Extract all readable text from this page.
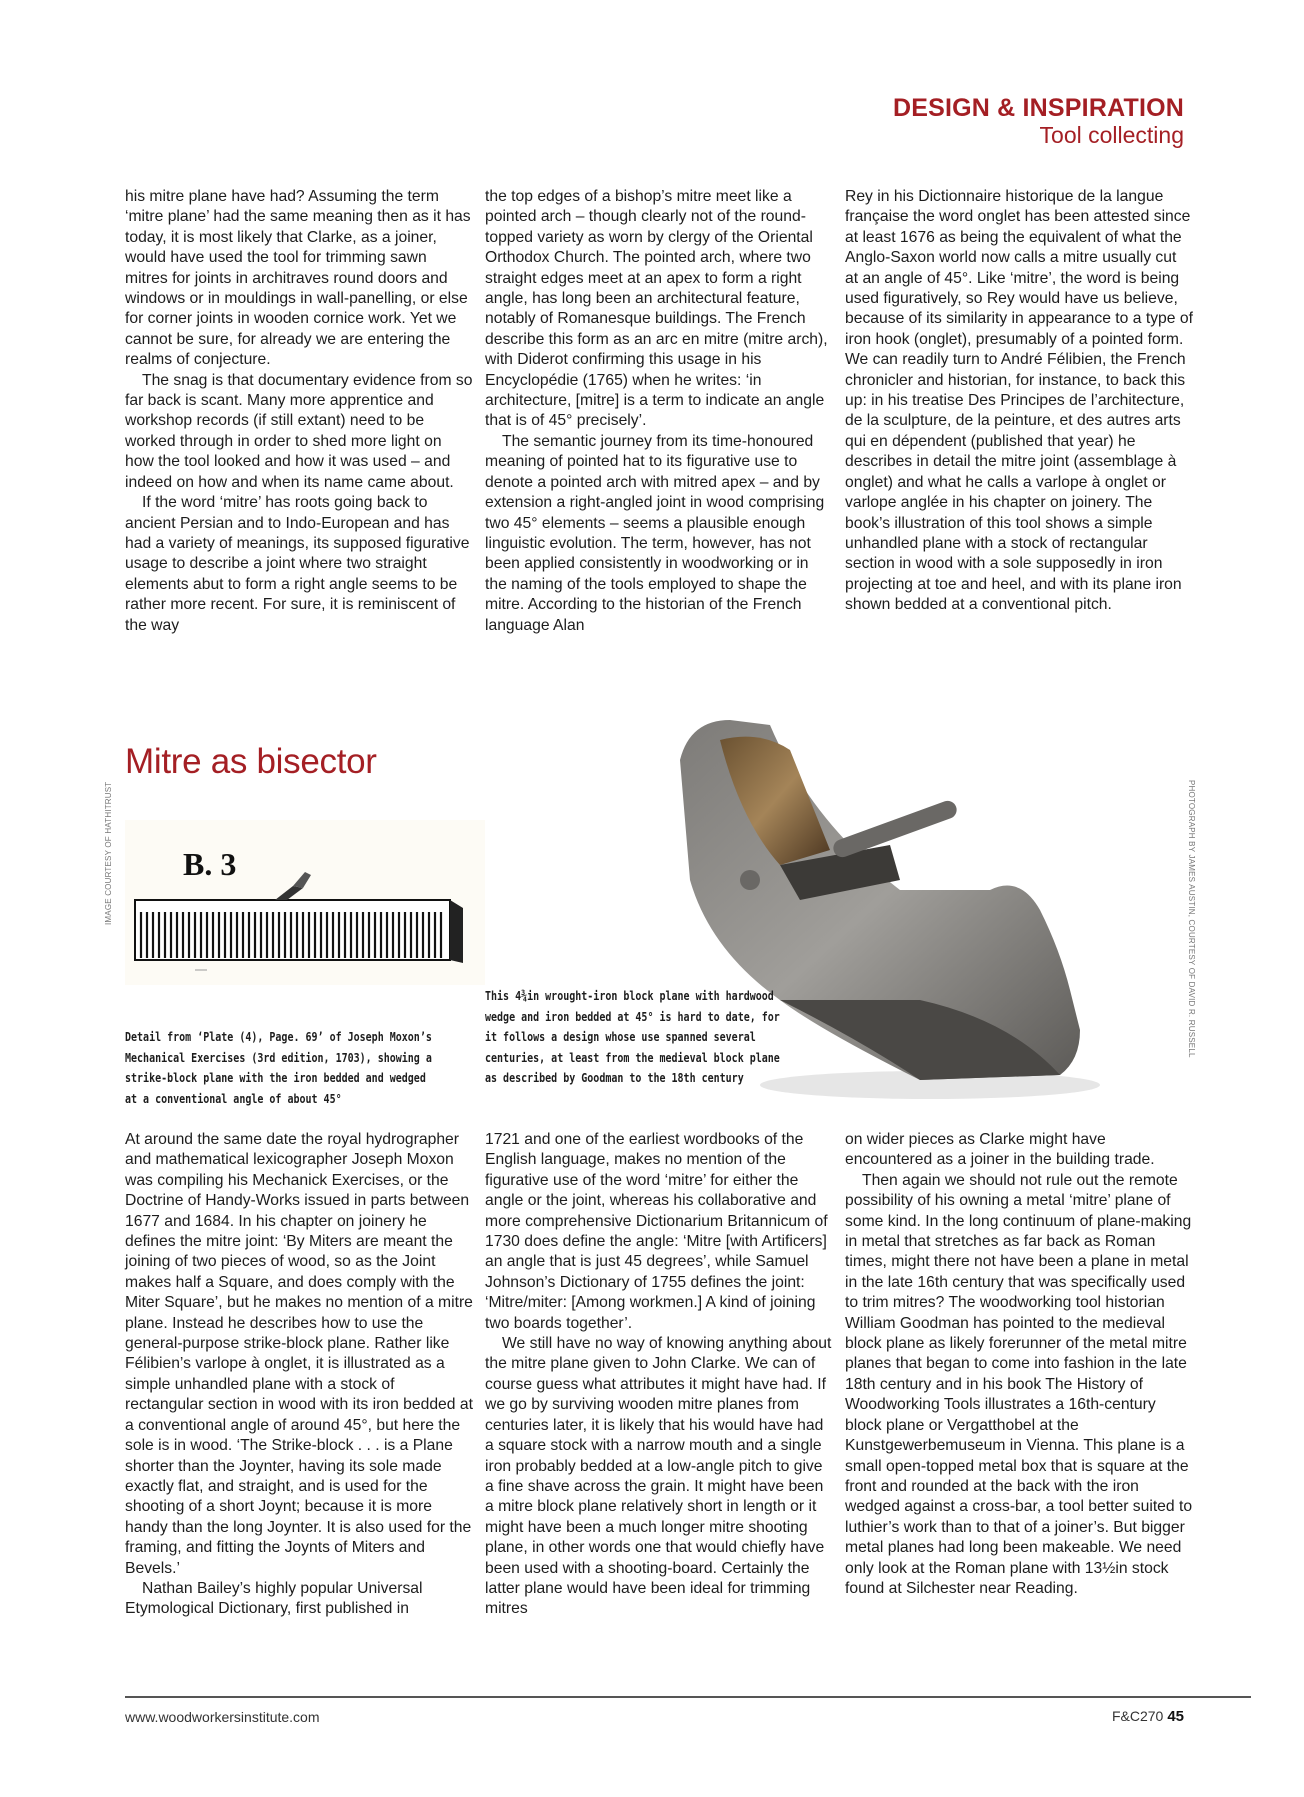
DESIGN & INSPIRATION
Tool collecting

his mitre plane have had? Assuming the term ‘mitre plane’ had the same meaning then as it has today, it is most likely that Clarke, as a joiner, would have used the tool for trimming sawn mitres for joints in architraves round doors and windows or in mouldings in wall-panelling, or else for corner joints in wooden cornice work. Yet we cannot be sure, for already we are entering the realms of conjecture.

The snag is that documentary evidence from so far back is scant. Many more apprentice and workshop records (if still extant) need to be worked through in order to shed more light on how the tool looked and how it was used – and indeed on how and when its name came about.

If the word ‘mitre’ has roots going back to ancient Persian and to Indo-European and has had a variety of meanings, its supposed figurative usage to describe a joint where two straight elements abut to form a right angle seems to be rather more recent. For sure, it is reminiscent of the way

the top edges of a bishop’s mitre meet like a pointed arch – though clearly not of the round-topped variety as worn by clergy of the Oriental Orthodox Church. The pointed arch, where two straight edges meet at an apex to form a right angle, has long been an architectural feature, notably of Romanesque buildings. The French describe this form as an arc en mitre (mitre arch), with Diderot confirming this usage in his Encyclopédie (1765) when he writes: ‘in architecture, [mitre] is a term to indicate an angle that is of 45° precisely’.

The semantic journey from its time-honoured meaning of pointed hat to its figurative use to denote a pointed arch with mitred apex – and by extension a right-angled joint in wood comprising two 45° elements – seems a plausible enough linguistic evolution. The term, however, has not been applied consistently in woodworking or in the naming of the tools employed to shape the mitre. According to the historian of the French language Alan

Rey in his Dictionnaire historique de la langue française the word onglet has been attested since at least 1676 as being the equivalent of what the Anglo-Saxon world now calls a mitre usually cut at an angle of 45°. Like ‘mitre’, the word is being used figuratively, so Rey would have us believe, because of its similarity in appearance to a type of iron hook (onglet), presumably of a pointed form. We can readily turn to André Félibien, the French chronicler and historian, for instance, to back this up: in his treatise Des Principes de l’architecture, de la sculpture, de la peinture, et des autres arts qui en dépendent (published that year) he describes in detail the mitre joint (assemblage à onglet) and what he calls a varlope à onglet or varlope anglée in his chapter on joinery. The book’s illustration of this tool shows a simple unhandled plane with a stock of rectangular section in wood with a sole supposedly in iron projecting at toe and heel, and with its plane iron shown bedded at a conventional pitch.

Mitre as bisector
B. 3
IMAGE COURTESY OF HATHITRUST	PHOTOGRAPH BY JAMES AUSTIN, COURTESY OF DAVID R. RUSSELL
Detail from ‘Plate (4), Page. 69’ of Joseph Moxon’s Mechanical Exercises (3rd edition, 1703), showing a strike-block plane with the iron bedded and wedged at a conventional angle of about 45°
This 4¾in wrought-iron block plane with hardwood wedge and iron bedded at 45° is hard to date, for it follows a design whose use spanned several centuries, at least from the medieval block plane as described by Goodman to the 18th century

At around the same date the royal hydrographer and mathematical lexicographer Joseph Moxon was compiling his Mechanick Exercises, or the Doctrine of Handy-Works issued in parts between 1677 and 1684. In his chapter on joinery he defines the mitre joint: ‘By Miters are meant the joining of two pieces of wood, so as the Joint makes half a Square, and does comply with the Miter Square’, but he makes no mention of a mitre plane. Instead he describes how to use the general-purpose strike-block plane. Rather like Félibien’s varlope à onglet, it is illustrated as a simple unhandled plane with a stock of rectangular section in wood with its iron bedded at a conventional angle of around 45°, but here the sole is in wood. ‘The Strike-block . . . is a Plane shorter than the Joynter, having its sole made exactly flat, and straight, and is used for the shooting of a short Joynt; because it is more handy than the long Joynter. It is also used for the framing, and fitting the Joynts of Miters and Bevels.’

Nathan Bailey’s highly popular Universal Etymological Dictionary, first published in

1721 and one of the earliest wordbooks of the English language, makes no mention of the figurative use of the word ‘mitre’ for either the angle or the joint, whereas his collaborative and more comprehensive Dictionarium Britannicum of 1730 does define the angle: ‘Mitre [with Artificers] an angle that is just 45 degrees’, while Samuel Johnson’s Dictionary of 1755 defines the joint: ‘Mitre/miter: [Among workmen.] A kind of joining two boards together’.

We still have no way of knowing anything about the mitre plane given to John Clarke. We can of course guess what attributes it might have had. If we go by surviving wooden mitre planes from centuries later, it is likely that his would have had a square stock with a narrow mouth and a single iron probably bedded at a low-angle pitch to give a fine shave across the grain. It might have been a mitre block plane relatively short in length or it might have been a much longer mitre shooting plane, in other words one that would chiefly have been used with a shooting-board. Certainly the latter plane would have been ideal for trimming mitres

on wider pieces as Clarke might have encountered as a joiner in the building trade.

Then again we should not rule out the remote possibility of his owning a metal ‘mitre’ plane of some kind. In the long continuum of plane-making in metal that stretches as far back as Roman times, might there not have been a plane in metal in the late 16th century that was specifically used to trim mitres? The woodworking tool historian William Goodman has pointed to the medieval block plane as likely forerunner of the metal mitre planes that began to come into fashion in the late 18th century and in his book The History of Woodworking Tools illustrates a 16th-century block plane or Vergatthobel at the Kunstgewerbemuseum in Vienna. This plane is a small open-topped metal box that is square at the front and rounded at the back with the iron wedged against a cross-bar, a tool better suited to luthier’s work than to that of a joiner’s. But bigger metal planes had long been makeable. We need only look at the Roman plane with 13½in stock found at Silchester near Reading.

www.woodworkersinstitute.com	F&C270 45
